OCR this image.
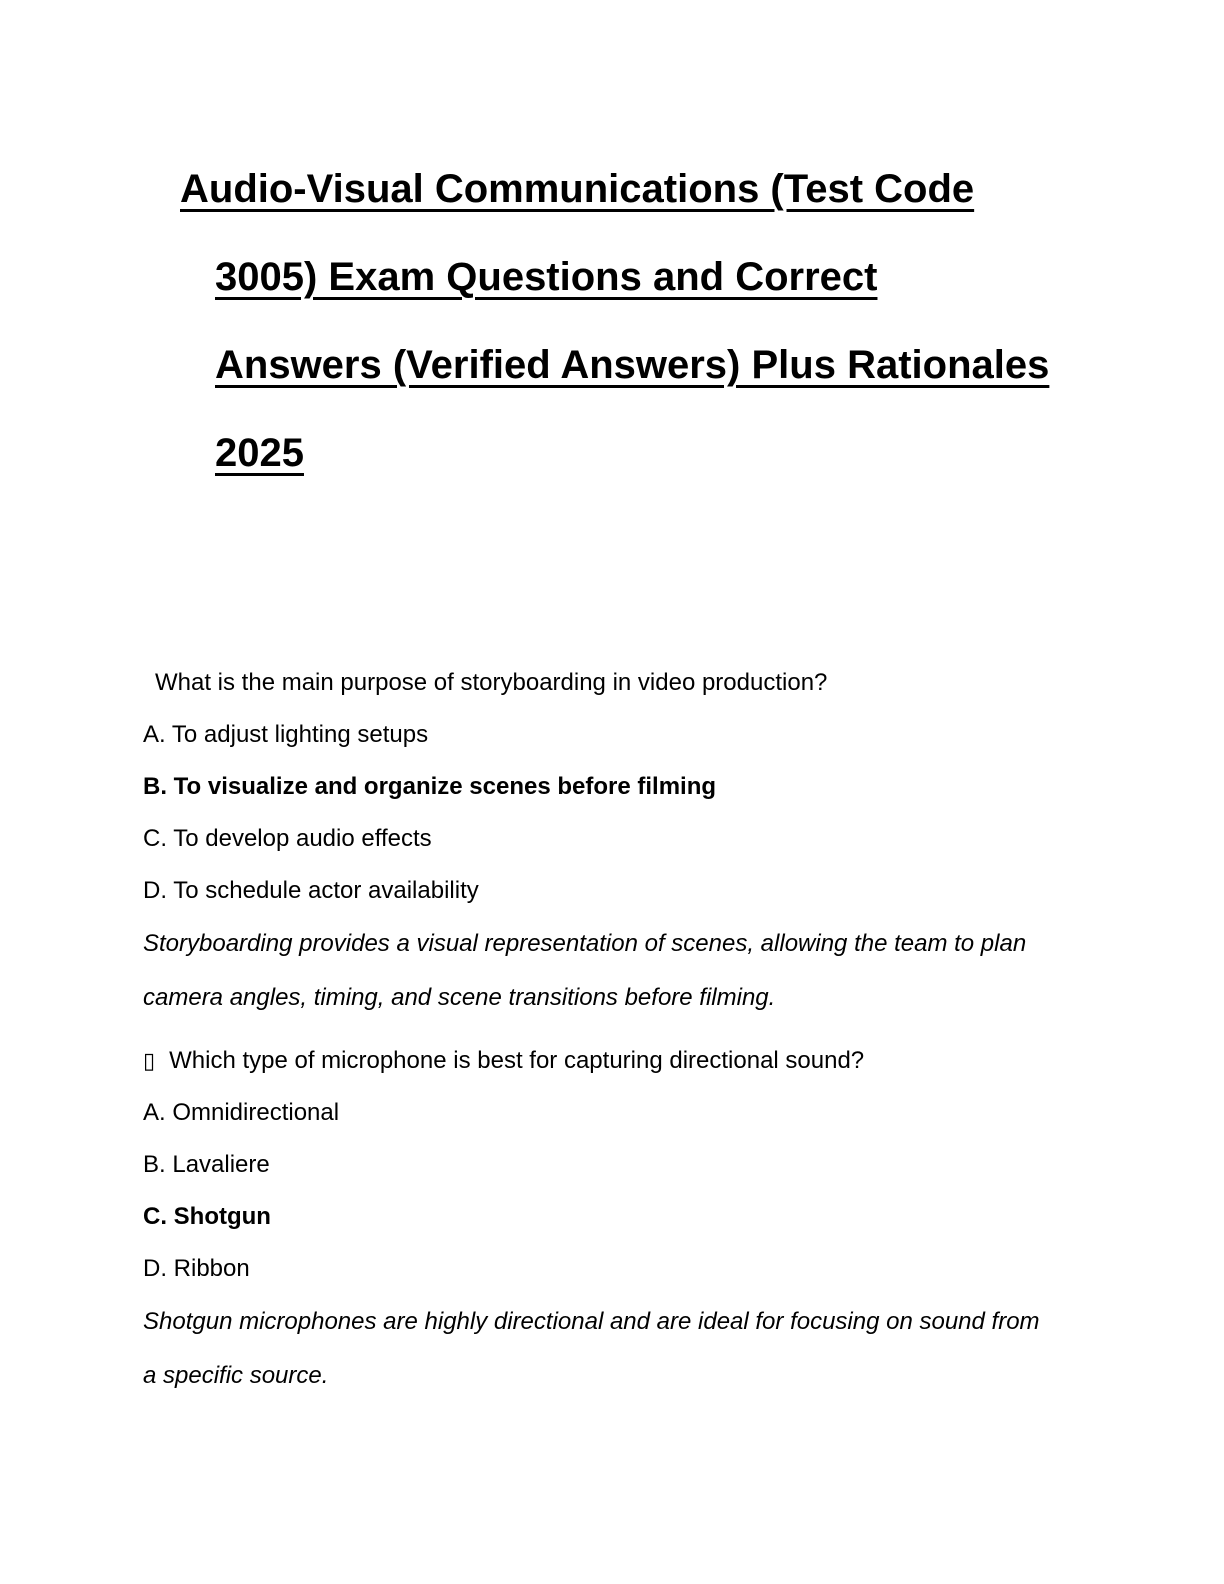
Audio-Visual Communications (Test Code
3005) Exam Questions and Correct
Answers (Verified Answers) Plus Rationales
2025

What is the main purpose of storyboarding in video production?

A. To adjust lighting setups

B. To visualize and organize scenes before filming

C. To develop audio effects

D. To schedule actor availability

Storyboarding provides a visual representation of scenes, allowing the team to plan camera angles, timing, and scene transitions before filming.

▯ Which type of microphone is best for capturing directional sound?

A. Omnidirectional

B. Lavaliere

C. Shotgun

D. Ribbon

Shotgun microphones are highly directional and are ideal for focusing on sound from a specific source.
